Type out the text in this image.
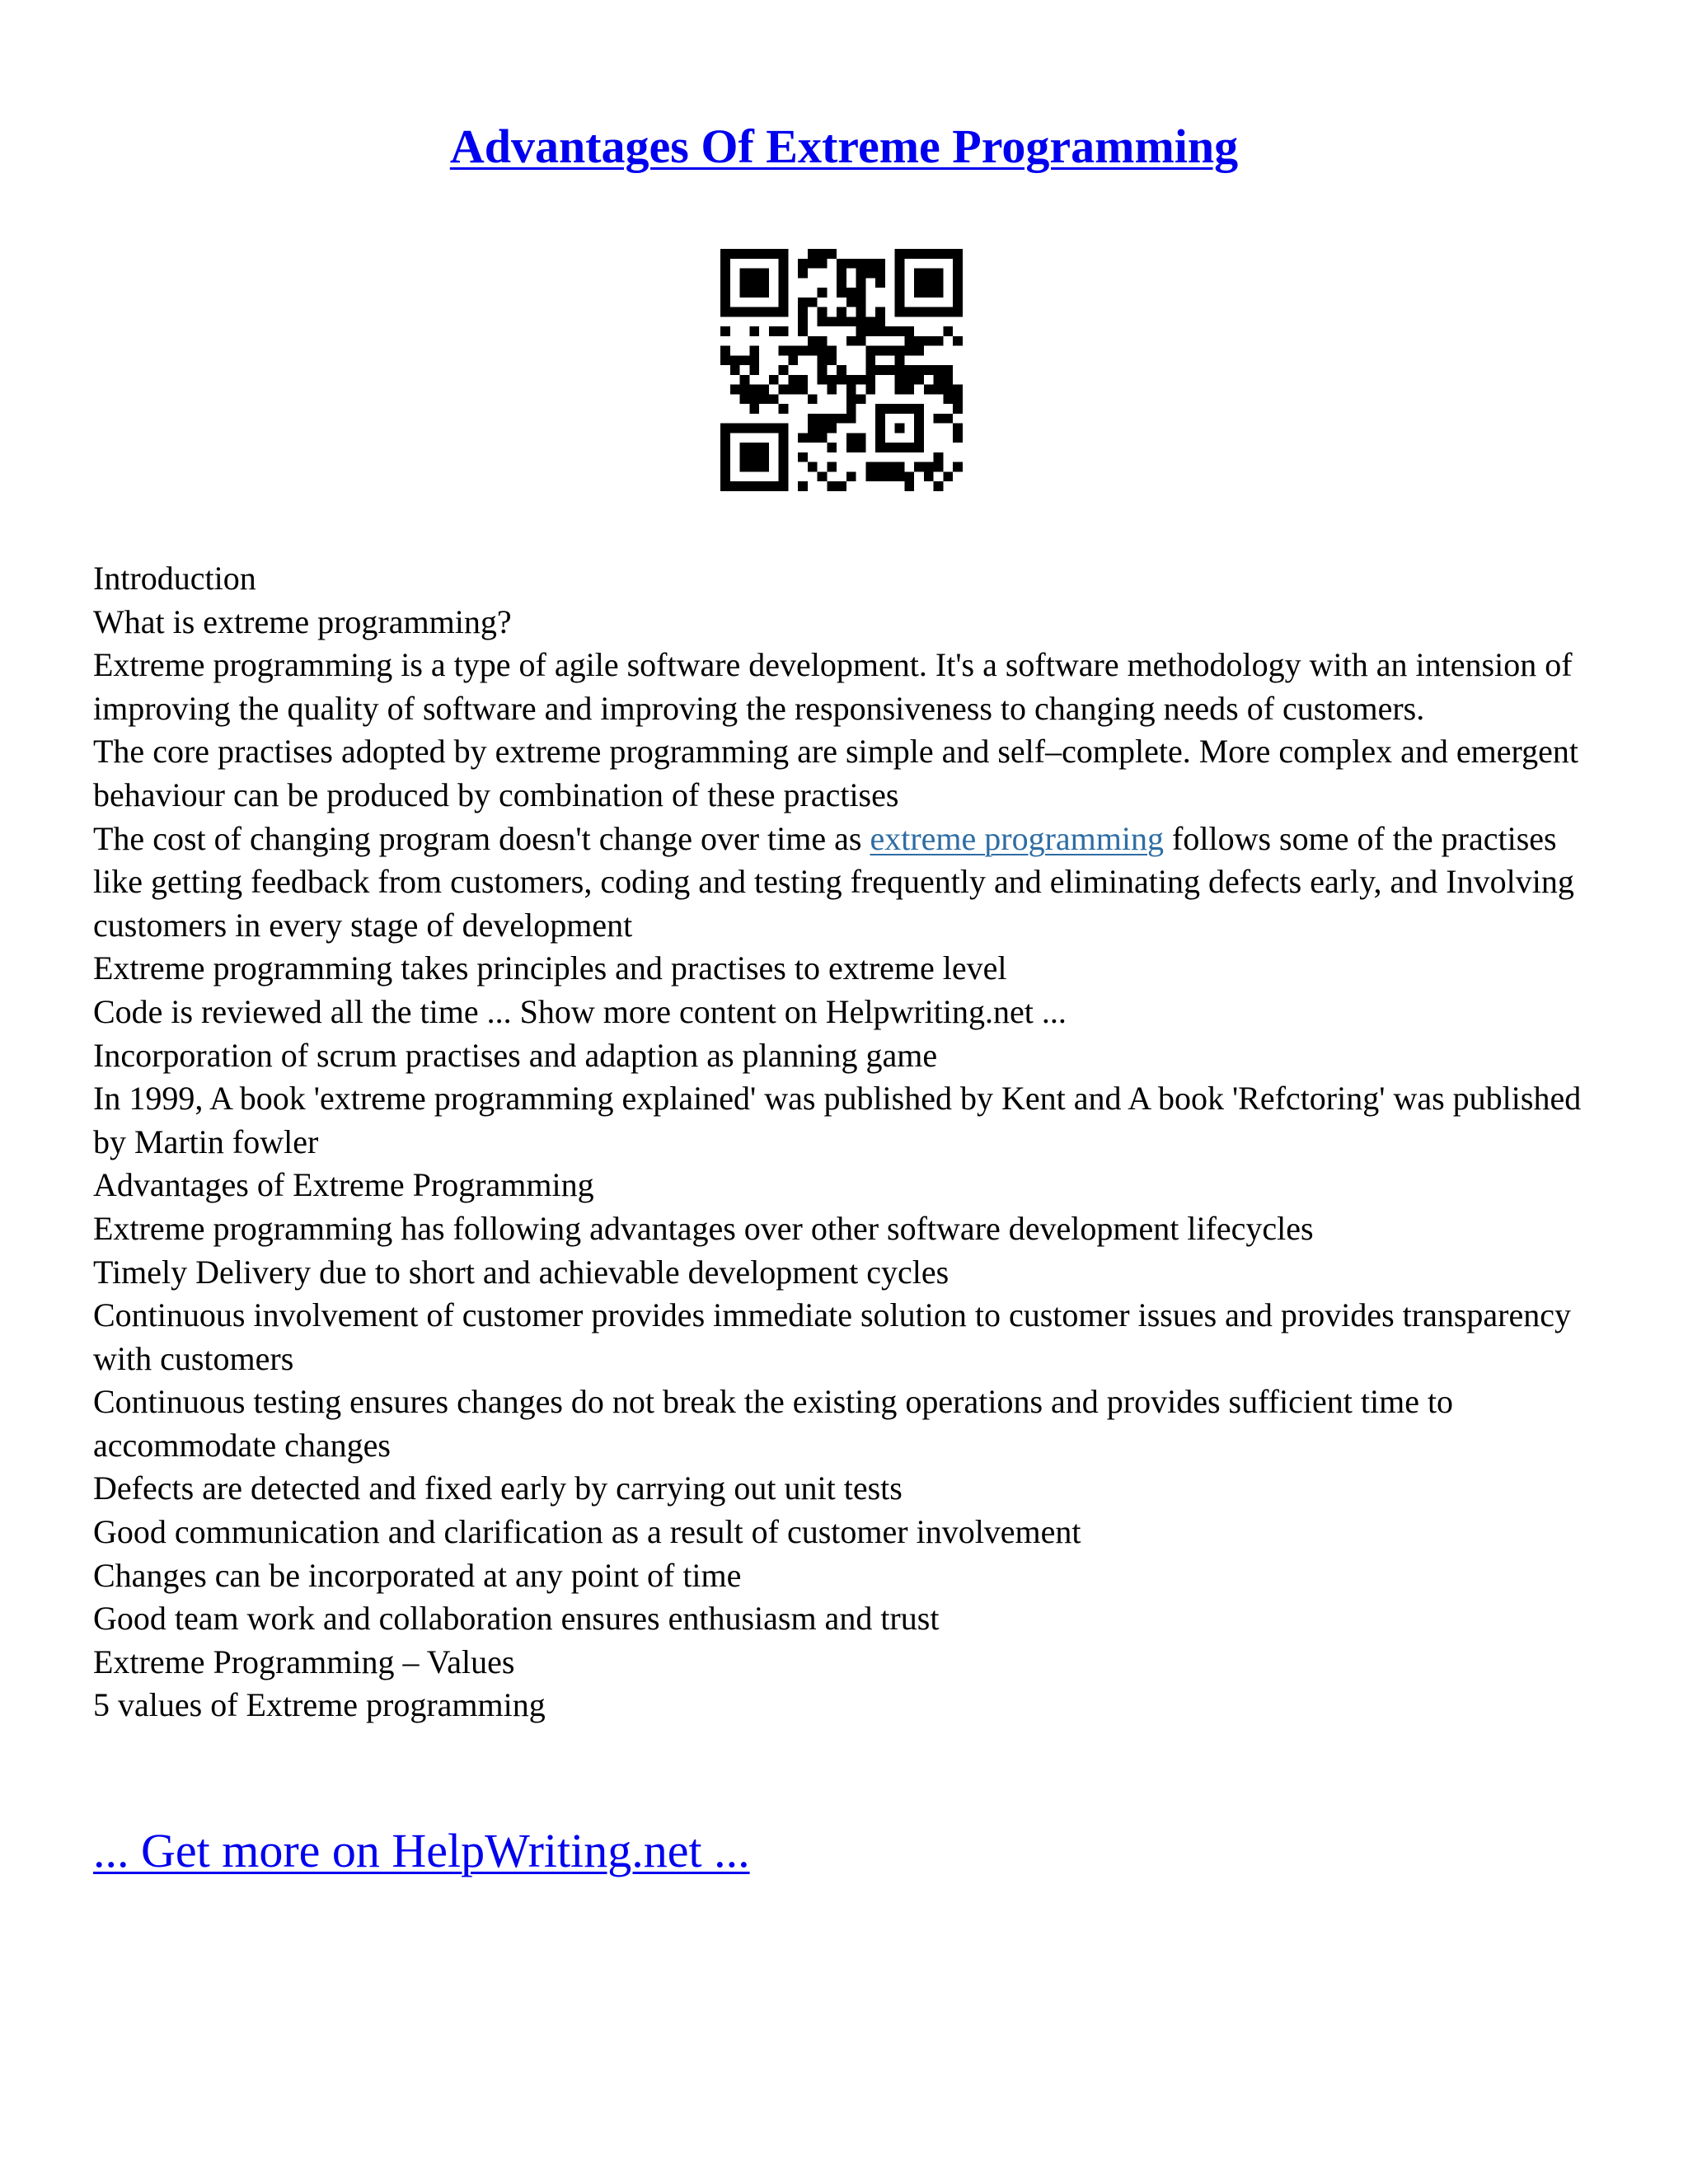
Advantages Of Extreme Programming

Introduction

What is extreme programming?

Extreme programming is a type of agile software development. It's a software methodology with an intension of improving the quality of software and improving the responsiveness to changing needs of customers.

The core practises adopted by extreme programming are simple and self–complete. More complex and emergent behaviour can be produced by combination of these practises

The cost of changing program doesn't change over time as extreme programming follows some of the practises like getting feedback from customers, coding and testing frequently and eliminating defects early, and Involving customers in every stage of development

Extreme programming takes principles and practises to extreme level

Code is reviewed all the time ... Show more content on Helpwriting.net ...

Incorporation of scrum practises and adaption as planning game

In 1999, A book 'extreme programming explained' was published by Kent and A book 'Refctoring' was published by Martin fowler

Advantages of Extreme Programming

Extreme programming has following advantages over other software development lifecycles

Timely Delivery due to short and achievable development cycles

Continuous involvement of customer provides immediate solution to customer issues and provides transparency with customers

Continuous testing ensures changes do not break the existing operations and provides sufficient time to accommodate changes

Defects are detected and fixed early by carrying out unit tests

Good communication and clarification as a result of customer involvement

Changes can be incorporated at any point of time

Good team work and collaboration ensures enthusiasm and trust

Extreme Programming – Values

5 values of Extreme programming

... Get more on HelpWriting.net ...
